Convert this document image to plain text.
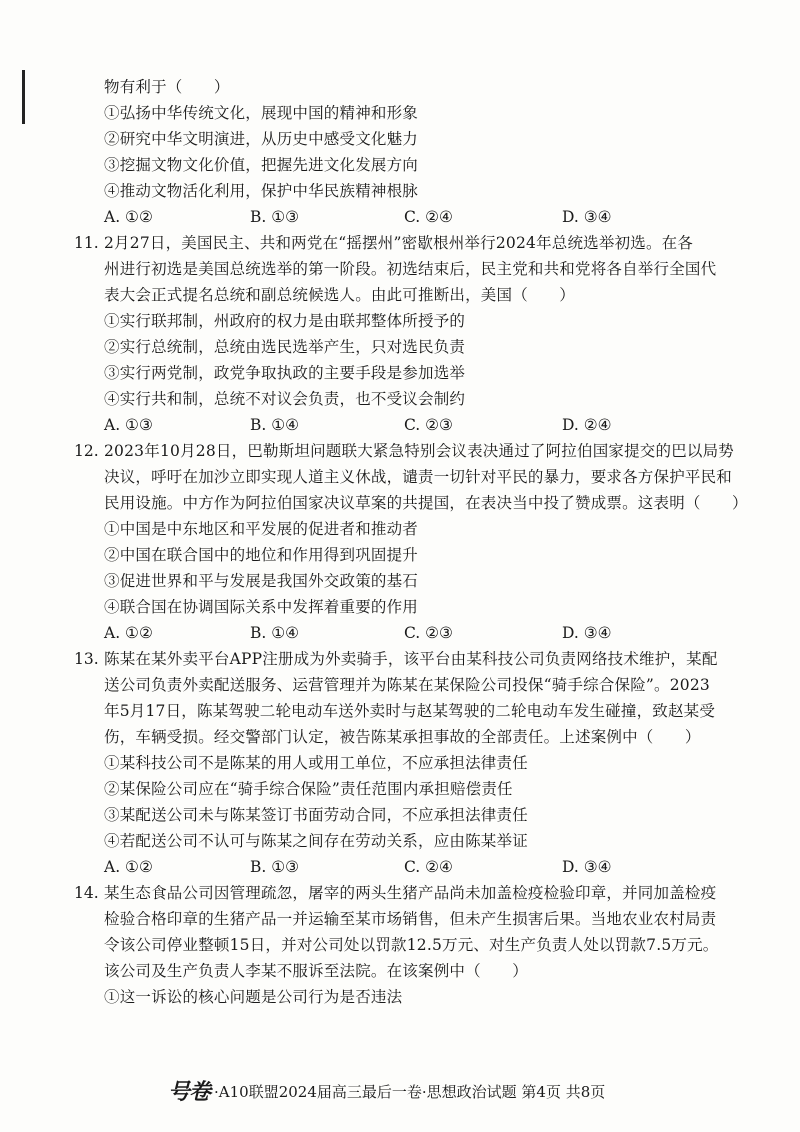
物有利于（　　）
①弘扬中华传统文化，展现中国的精神和形象
②研究中华文明演进，从历史中感受文化魅力
③挖掘文物文化价值，把握先进文化发展方向
④推动文物活化利用，保护中华民族精神根脉
A. ①②	B. ①③	C. ②④	D. ③④
11. 2月27日，美国民主、共和两党在“摇摆州”密歇根州举行2024年总统选举初选。在各
州进行初选是美国总统选举的第一阶段。初选结束后，民主党和共和党将各自举行全国代
表大会正式提名总统和副总统候选人。由此可推断出，美国（　　）
①实行联邦制，州政府的权力是由联邦整体所授予的
②实行总统制，总统由选民选举产生，只对选民负责
③实行两党制，政党争取执政的主要手段是参加选举
④实行共和制，总统不对议会负责，也不受议会制约
A. ①③	B. ①④	C. ②③	D. ②④
12. 2023年10月28日，巴勒斯坦问题联大紧急特别会议表决通过了阿拉伯国家提交的巴以局势
决议，呼吁在加沙立即实现人道主义休战，谴责一切针对平民的暴力，要求各方保护平民和
民用设施。中方作为阿拉伯国家决议草案的共提国，在表决当中投了赞成票。这表明（　　）
①中国是中东地区和平发展的促进者和推动者
②中国在联合国中的地位和作用得到巩固提升
③促进世界和平与发展是我国外交政策的基石
④联合国在协调国际关系中发挥着重要的作用
A. ①②	B. ①④	C. ②③	D. ③④
13. 陈某在某外卖平台APP注册成为外卖骑手，该平台由某科技公司负责网络技术维护，某配
送公司负责外卖配送服务、运营管理并为陈某在某保险公司投保“骑手综合保险”。2023
年5月17日，陈某驾驶二轮电动车送外卖时与赵某驾驶的二轮电动车发生碰撞，致赵某受
伤，车辆受损。经交警部门认定，被告陈某承担事故的全部责任。上述案例中（　　）
①某科技公司不是陈某的用人或用工单位，不应承担法律责任
②某保险公司应在“骑手综合保险”责任范围内承担赔偿责任
③某配送公司未与陈某签订书面劳动合同，不应承担法律责任
④若配送公司不认可与陈某之间存在劳动关系，应由陈某举证
A. ①②	B. ①③	C. ②④	D. ③④
14. 某生态食品公司因管理疏忽，屠宰的两头生猪产品尚未加盖检疫检验印章，并同加盖检疫
检验合格印章的生猪产品一并运输至某市场销售，但未产生损害后果。当地农业农村局责
令该公司停业整顿15日，并对公司处以罚款12.5万元、对生产负责人处以罚款7.5万元。
号卷 ·A10联盟2024届高三最后一卷·思想政治试题 第4页 共8页
该公司及生产负责人李某不服诉至法院。在该案例中（　　）
①这一诉讼的核心问题是公司行为是否违法
